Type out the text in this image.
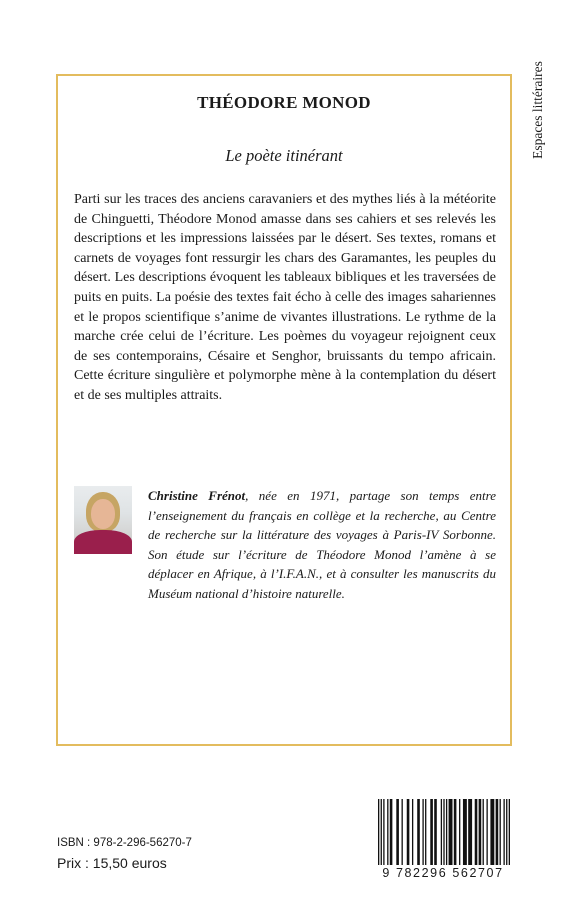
Espaces littéraires
THÉODORE MONOD
Le poète itinérant

Parti sur les traces des anciens caravaniers et des mythes liés à la météorite de Chinguetti, Théodore Monod amasse dans ses cahiers et ses relevés les descriptions et les impressions laissées par le désert. Ses textes, romans et carnets de voyages font ressurgir les chars des Garamantes, les peuples du désert. Les descriptions évoquent les tableaux bibliques et les traversées de puits en puits. La poésie des textes fait écho à celle des images sahariennes et le propos scientifique s’anime de vivantes illustrations. Le rythme de la marche crée celui de l’écriture. Les poèmes du voyageur rejoignent ceux de ses contemporains, Césaire et Senghor, bruissants du tempo africain. Cette écriture singulière et polymorphe mène à la contemplation du désert et de ses multiples attraits.

Christine Frénot, née en 1971, partage son temps entre l’enseignement du français en collège et la recherche, au Centre de recherche sur la littérature des voyages à Paris-IV Sorbonne. Son étude sur l’écriture de Théodore Monod l’amène à se déplacer en Afrique, à l’I.F.A.N., et à consulter les manuscrits du Muséum national d’histoire naturelle.

ISBN : 978-2-296-56270-7
Prix : 15,50 euros
9 782296 562707
